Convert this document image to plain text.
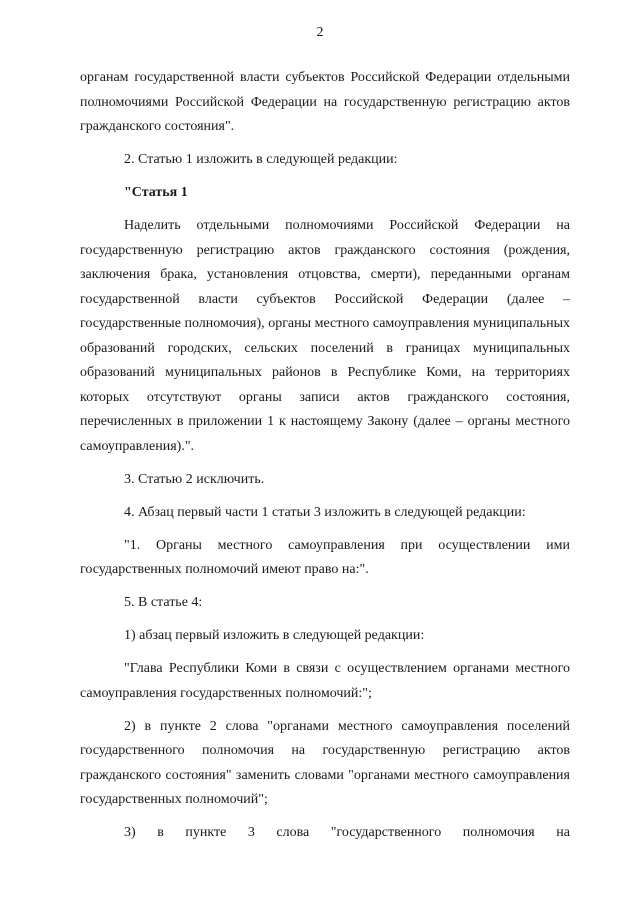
2

органам государственной власти субъектов Российской Федерации отдельными полномочиями Российской Федерации на государственную регистрацию актов гражданского состояния".

2. Статью 1 изложить в следующей редакции:

"Статья 1

Наделить отдельными полномочиями Российской Федерации на государственную регистрацию актов гражданского состояния (рождения, заключения брака, установления отцовства, смерти), переданными органам государственной власти субъектов Российской Федерации (далее – государственные полномочия), органы местного самоуправления муниципальных образований городских, сельских поселений в границах муниципальных образований муниципальных районов в Республике Коми, на территориях которых отсутствуют органы записи актов гражданского состояния, перечисленных в приложении 1 к настоящему Закону (далее – органы местного самоуправления).".

3. Статью 2 исключить.

4. Абзац первый части 1 статьи 3 изложить в следующей редакции:

"1. Органы местного самоуправления при осуществлении ими государственных полномочий имеют право на:".

5. В статье 4:

1) абзац первый изложить в следующей редакции:

"Глава Республики Коми в связи с осуществлением органами местного самоуправления государственных полномочий:";

2) в пункте 2 слова "органами местного самоуправления поселений государственного полномочия на государственную регистрацию актов гражданского состояния" заменить словами "органами местного самоуправления государственных полномочий";

3) в пункте 3 слова "государственного полномочия на
